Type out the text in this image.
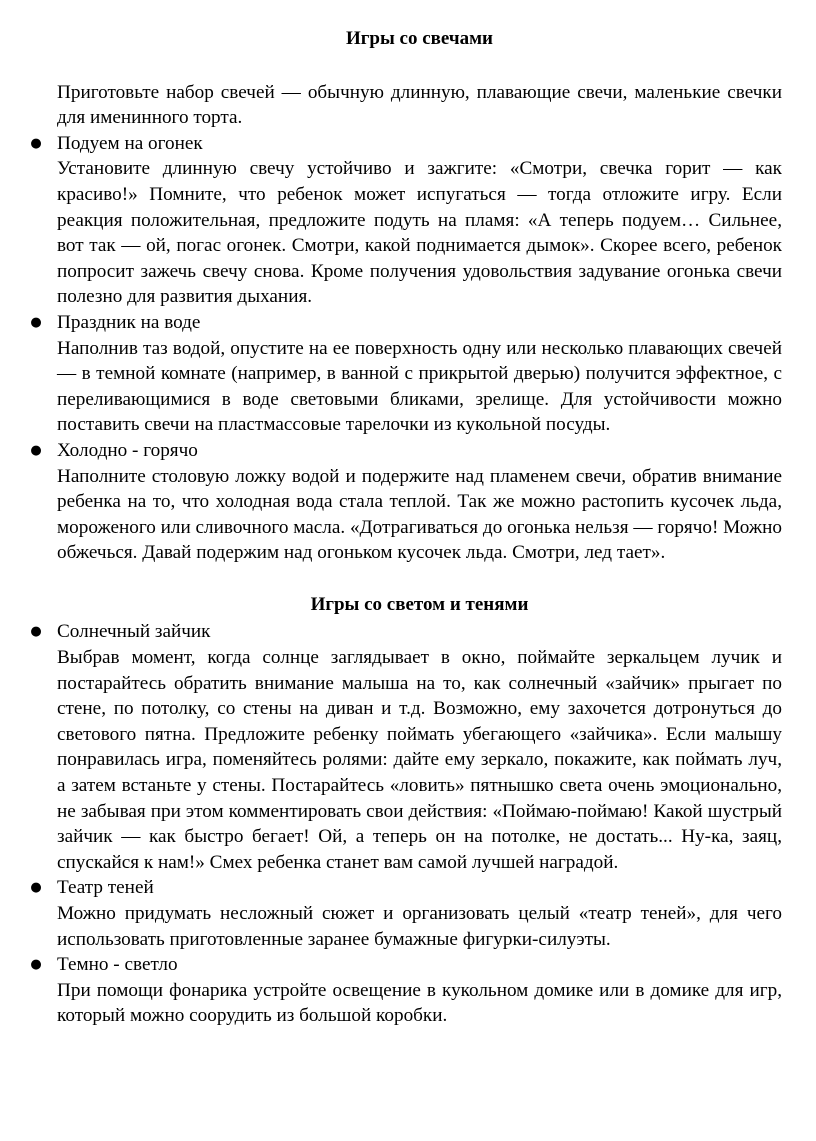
Игры со свечами

Приготовьте набор свечей — обычную длинную, плавающие свечи, маленькие свечки для именинного торта.

● Подуем на огонек
Установите длинную свечу устойчиво и зажгите: «Смотри, свечка горит — как красиво!» Помните, что ребенок может испугаться — тогда отложите игру. Если реакция положительная, предложите подуть на пламя: «А теперь подуем… Сильнее, вот так — ой, погас огонек. Смотри, какой поднимается дымок». Скорее всего, ребенок попросит зажечь свечу снова. Кроме получения удовольствия задувание огонька свечи полезно для развития дыхания.
● Праздник на воде
Наполнив таз водой, опустите на ее поверхность одну или несколько плавающих свечей — в темной комнате (например, в ванной с прикрытой дверью) получится эффектное, с переливающимися в воде световыми бликами, зрелище. Для устойчивости можно поставить свечи на пластмассовые тарелочки из кукольной посуды.
● Холодно - горячо
Наполните столовую ложку водой и подержите над пламенем свечи, обратив внимание ребенка на то, что холодная вода стала теплой. Так же можно растопить кусочек льда, мороженого или сливочного масла. «Дотрагиваться до огонька нельзя — горячо! Можно обжечься. Давай подержим над огоньком кусочек льда. Смотри, лед тает».
Игры со светом и тенями
● Солнечный зайчик
Выбрав момент, когда солнце заглядывает в окно, поймайте зеркальцем лучик и постарайтесь обратить внимание малыша на то, как солнечный «зайчик» прыгает по стене, по потолку, со стены на диван и т.д. Возможно, ему захочется дотронуться до светового пятна. Предложите ребенку поймать убегающего «зайчика». Если малышу понравилась игра, поменяйтесь ролями: дайте ему зеркало, покажите, как поймать луч, а затем встаньте у стены. Постарайтесь «ловить» пятнышко света очень эмоционально, не забывая при этом комментировать свои действия: «Поймаю-поймаю! Какой шустрый зайчик — как быстро бегает! Ой, а теперь он на потолке, не достать... Ну-ка, заяц, спускайся к нам!» Смех ребенка станет вам самой лучшей наградой.
● Театр теней
Можно придумать несложный сюжет и организовать целый «театр теней», для чего использовать приготовленные заранее бумажные фигурки-силуэты.
● Темно - светло
При помощи фонарика устройте освещение в кукольном домике или в домике для игр, который можно соорудить из большой коробки.
